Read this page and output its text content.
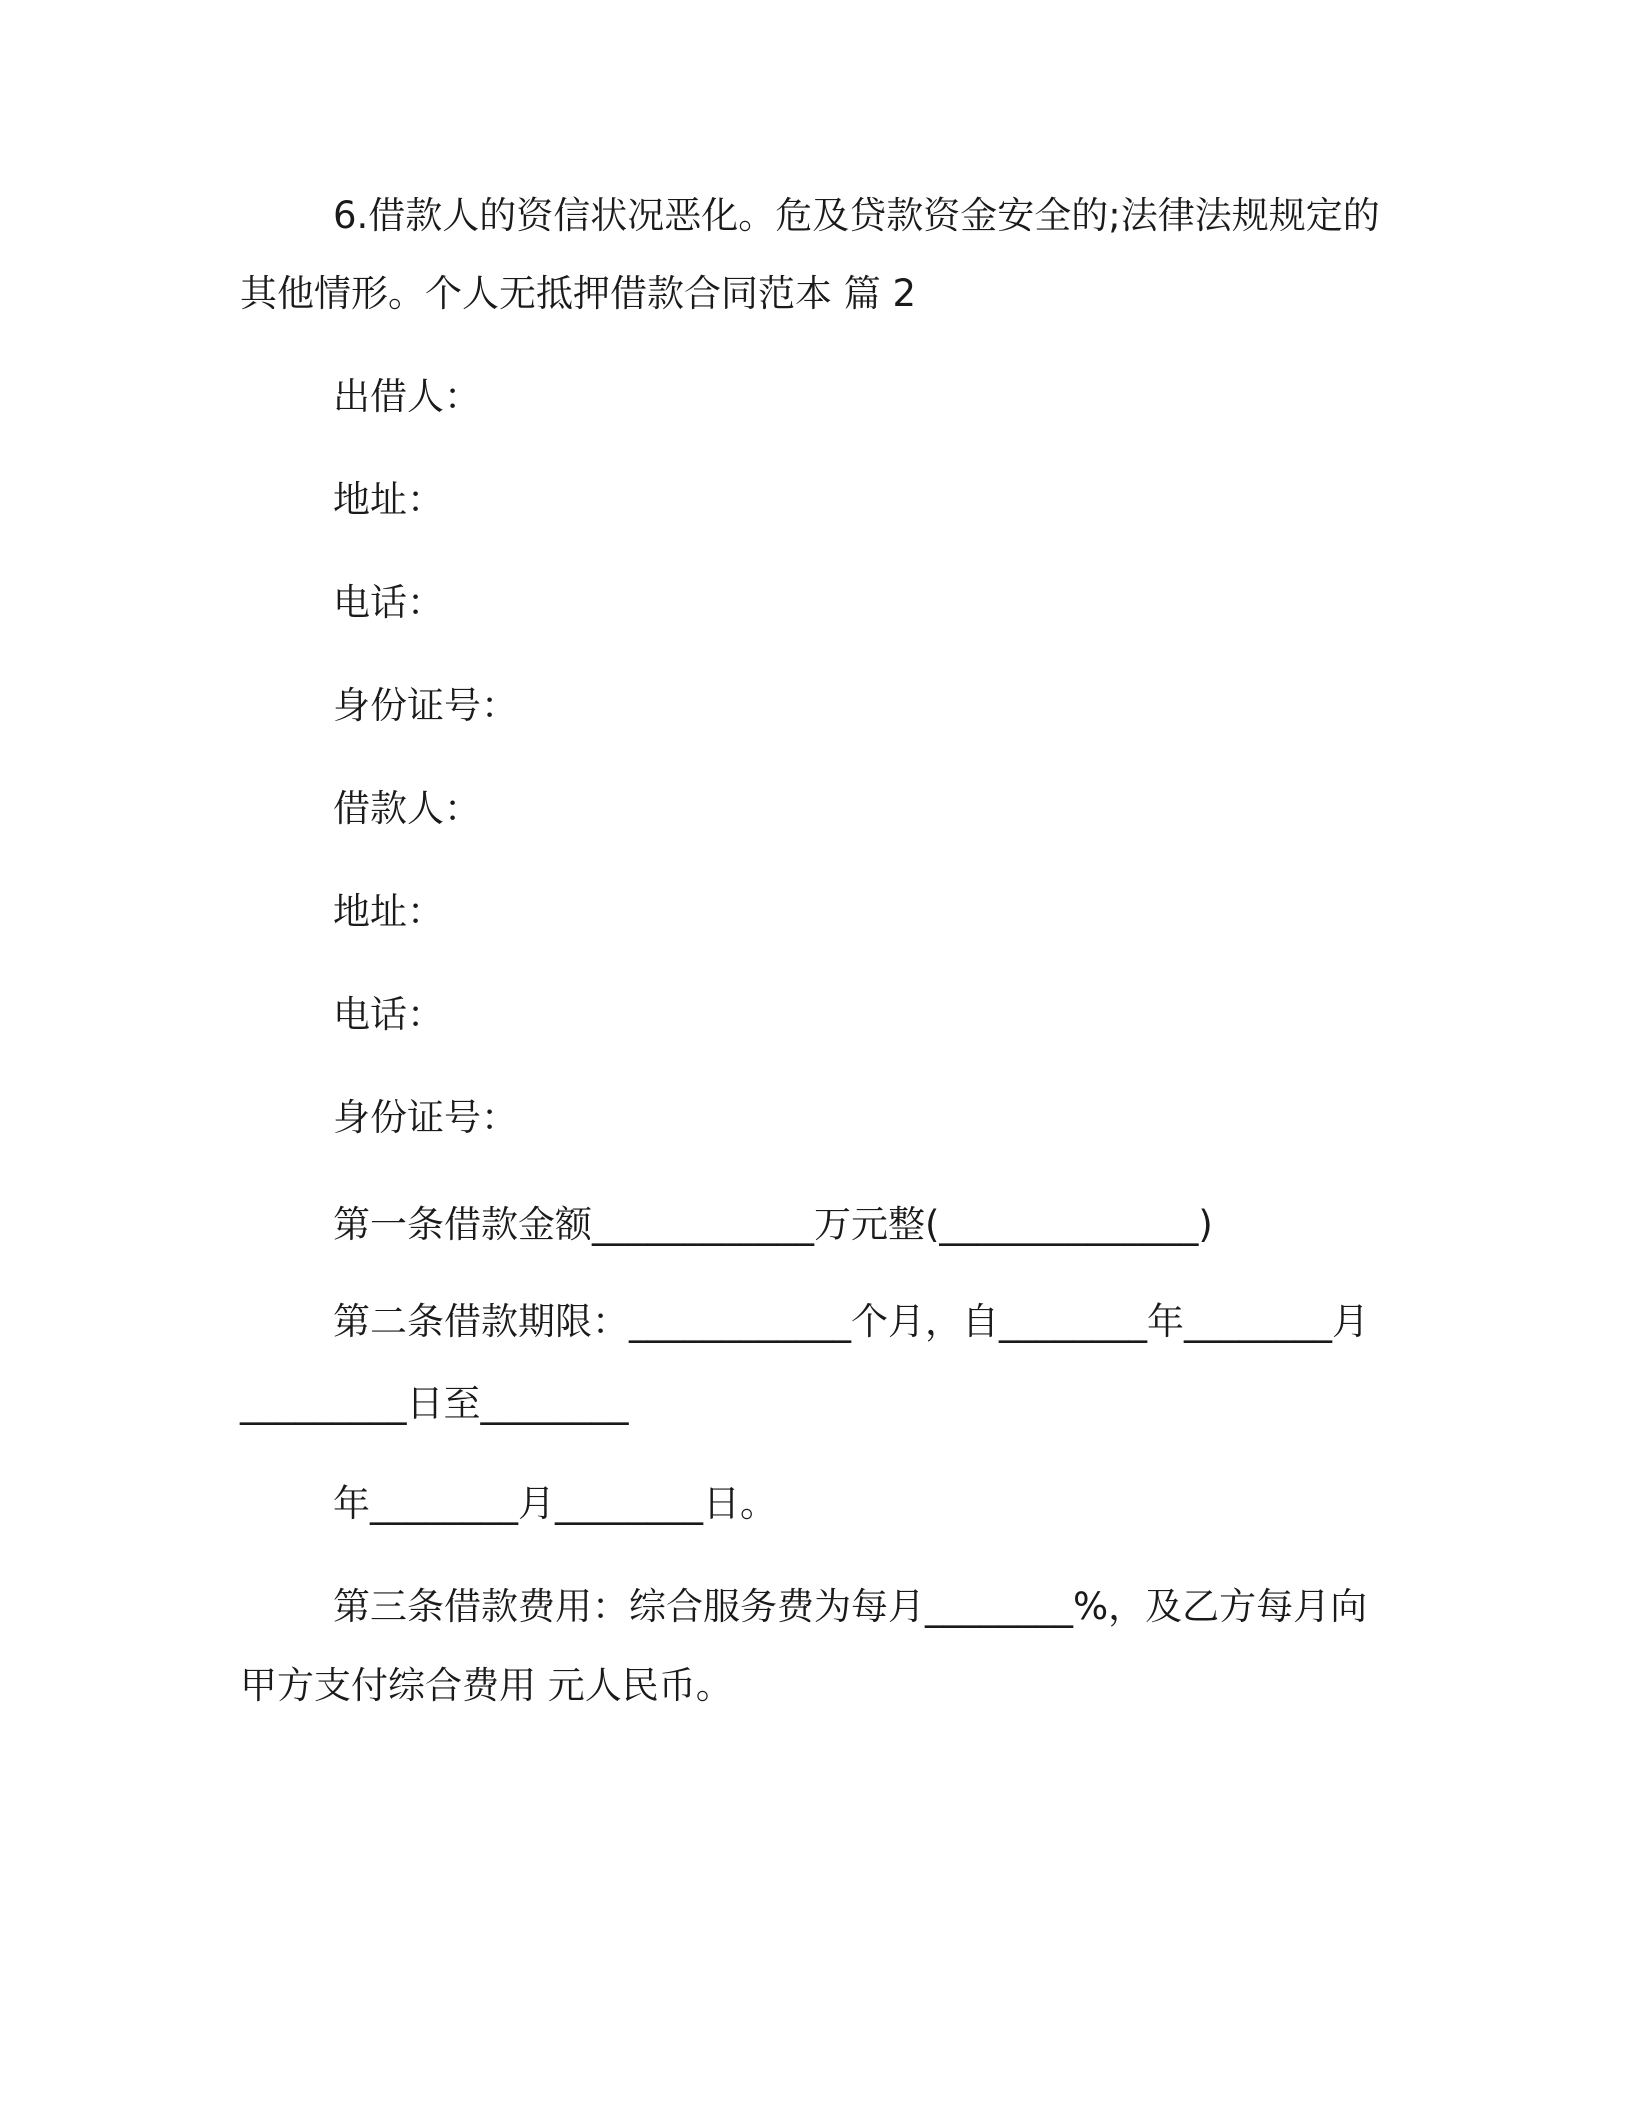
6.借款人的资信状况恶化。危及贷款资金安全的;法律法规规定的
其他情形。个人无抵押借款合同范本 篇 2
出借人：
地址：
电话：
身份证号：
借款人：
地址：
电话：
身份证号：
第一条借款金额____________万元整(______________)
第二条借款期限：____________个月，自________年________月
_________日至________
年________月________日。
第三条借款费用：综合服务费为每月________%，及乙方每月向
甲方支付综合费用 元人民币。
